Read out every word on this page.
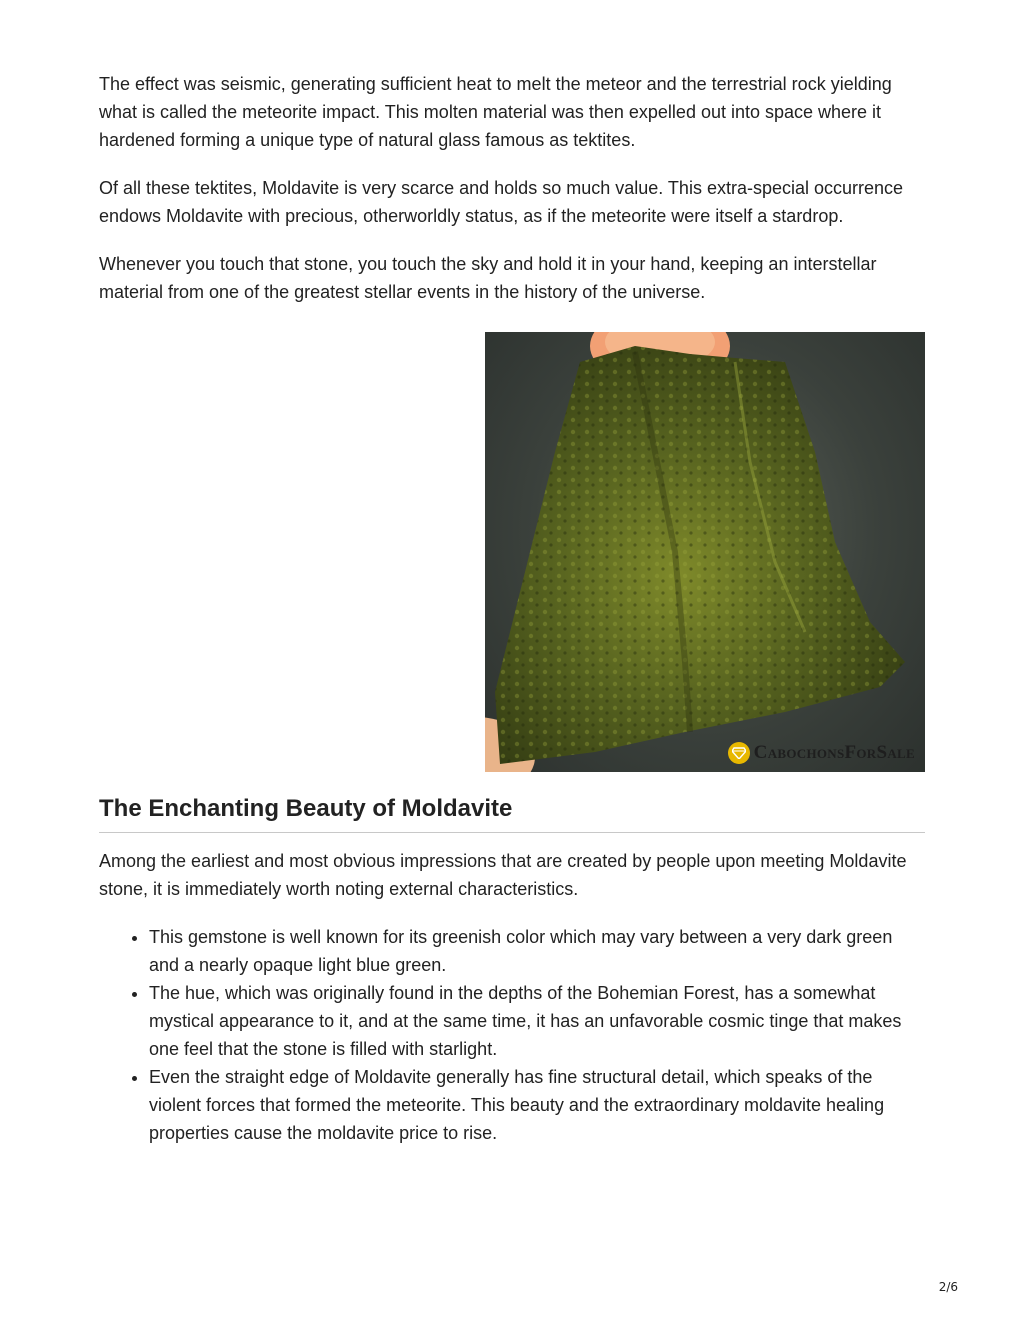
The effect was seismic, generating sufficient heat to melt the meteor and the terrestrial rock yielding what is called the meteorite impact. This molten material was then expelled out into space where it hardened forming a unique type of natural glass famous as tektites.

Of all these tektites, Moldavite is very scarce and holds so much value. This extra-special occurrence endows Moldavite with precious, otherworldly status, as if the meteorite were itself a stardrop.

Whenever you touch that stone, you touch the sky and hold it in your hand, keeping an interstellar material from one of the greatest stellar events in the history of the universe.

CabochonsForSale
The Enchanting Beauty of Moldavite

Among the earliest and most obvious impressions that are created by people upon meeting Moldavite stone, it is immediately worth noting external characteristics.

• This gemstone is well known for its greenish color which may vary between a very dark green and a nearly opaque light blue green.
• The hue, which was originally found in the depths of the Bohemian Forest, has a somewhat mystical appearance to it, and at the same time, it has an unfavorable cosmic tinge that makes one feel that the stone is filled with starlight.
• Even the straight edge of Moldavite generally has fine structural detail, which speaks of the violent forces that formed the meteorite. This beauty and the extraordinary moldavite healing properties cause the moldavite price to rise.
2/6
